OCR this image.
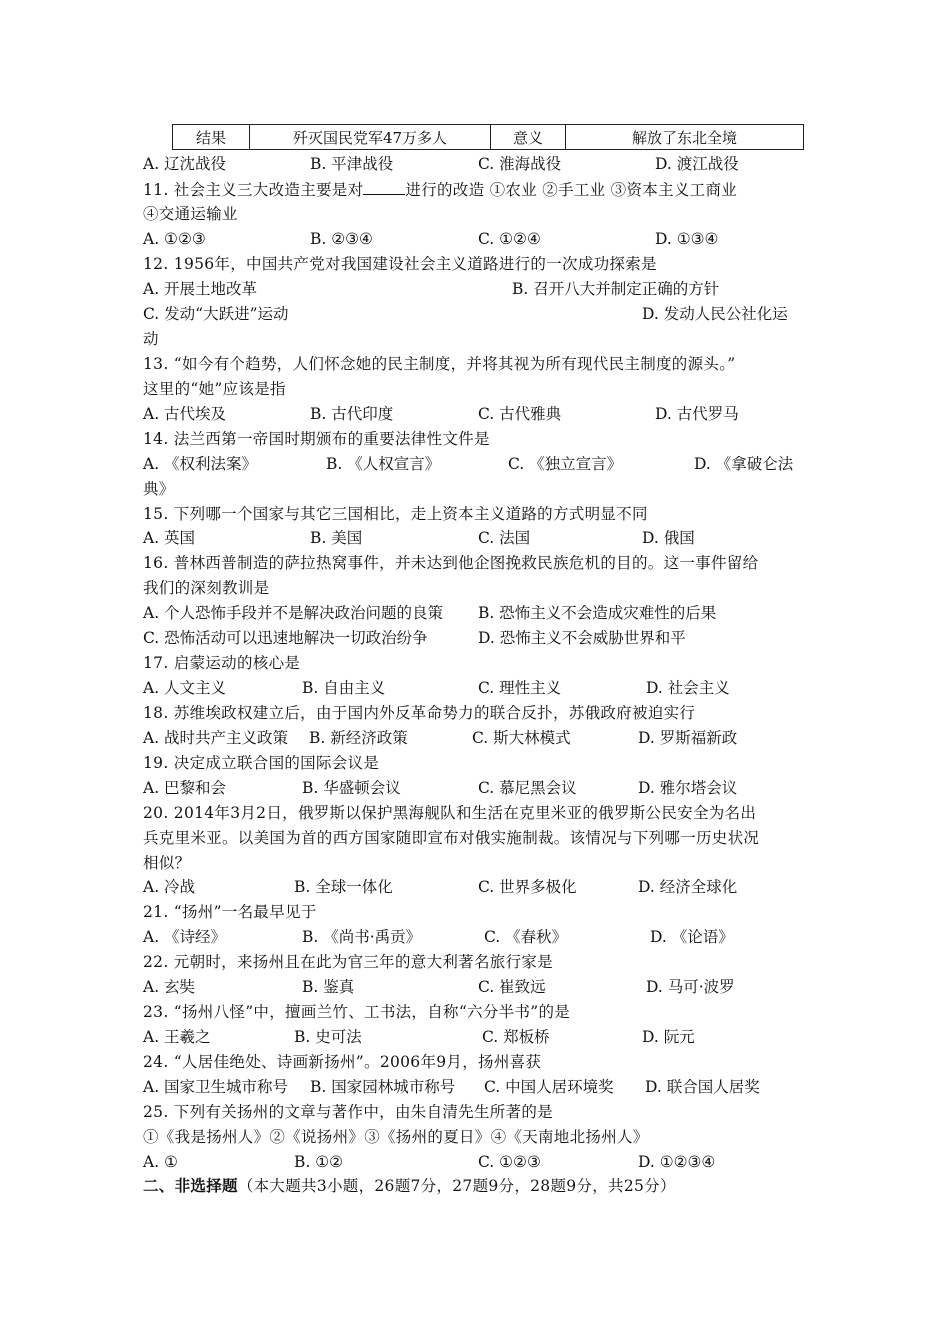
结果	歼灭国民党军47万多人	意义	解放了东北全境
A. 辽沈战役	B. 平津战役	C. 淮海战役	D. 渡江战役
11. 社会主义三大改造主要是对	进行的改造 ①农业 ②手工业 ③资本主义工商业
④交通运输业
A. ①②③	B. ②③④	C. ①②④	D. ①③④
12. 1956年，中国共产党对我国建设社会主义道路进行的一次成功探索是
A. 开展土地改革	B. 召开八大并制定正确的方针
C. 发动“大跃进”运动	D. 发动人民公社化运
动
13. “如今有个趋势，人们怀念她的民主制度，并将其视为所有现代民主制度的源头。”
这里的“她”应该是指
A. 古代埃及	B. 古代印度	C. 古代雅典	D. 古代罗马
14. 法兰西第一帝国时期颁布的重要法律性文件是
A. 《权利法案》	B. 《人权宣言》	C. 《独立宣言》	D. 《拿破仑法
典》
15. 下列哪一个国家与其它三国相比，走上资本主义道路的方式明显不同
A. 英国	B. 美国	C. 法国	D. 俄国
16. 普林西普制造的萨拉热窝事件，并未达到他企图挽救民族危机的目的。这一事件留给
我们的深刻教训是
A. 个人恐怖手段并不是解决政治问题的良策 B. 恐怖主义不会造成灾难性的后果
C. 恐怖活动可以迅速地解决一切政治纷争	D. 恐怖主义不会威胁世界和平
17. 启蒙运动的核心是
A. 人文主义	B. 自由主义	C. 理性主义	D. 社会主义
18. 苏维埃政权建立后，由于国内外反革命势力的联合反扑，苏俄政府被迫实行
A. 战时共产主义政策 B. 新经济政策	C. 斯大林模式	D. 罗斯福新政
19. 决定成立联合国的国际会议是
A. 巴黎和会	B. 华盛顿会议	C. 慕尼黑会议	D. 雅尔塔会议
20. 2014年3月2日，俄罗斯以保护黑海舰队和生活在克里米亚的俄罗斯公民安全为名出
兵克里米亚。以美国为首的西方国家随即宣布对俄实施制裁。该情况与下列哪一历史状况
相似？
A. 冷战	B. 全球一体化	C. 世界多极化	D. 经济全球化
21. “扬州”一名最早见于
A. 《诗经》	B. 《尚书·禹贡》	C. 《春秋》	D. 《论语》
22. 元朝时，来扬州且在此为官三年的意大利著名旅行家是
A. 玄奘	B. 鉴真	C. 崔致远	D. 马可·波罗
23. “扬州八怪”中，擅画兰竹、工书法，自称“六分半书”的是
A. 王羲之	B. 史可法	C. 郑板桥	D. 阮元
24. “人居佳绝处、诗画新扬州”。2006年9月，扬州喜获
A. 国家卫生城市称号 B. 国家园林城市称号 C. 中国人居环境奖 D. 联合国人居奖
25. 下列有关扬州的文章与著作中，由朱自清先生所著的是
①《我是扬州人》②《说扬州》③《扬州的夏日》④《天南地北扬州人》
A. ①	B. ①②	C. ①②③	D. ①②③④
二、非选择题（本大题共3小题，26题7分，27题9分，28题9分，共25分）
